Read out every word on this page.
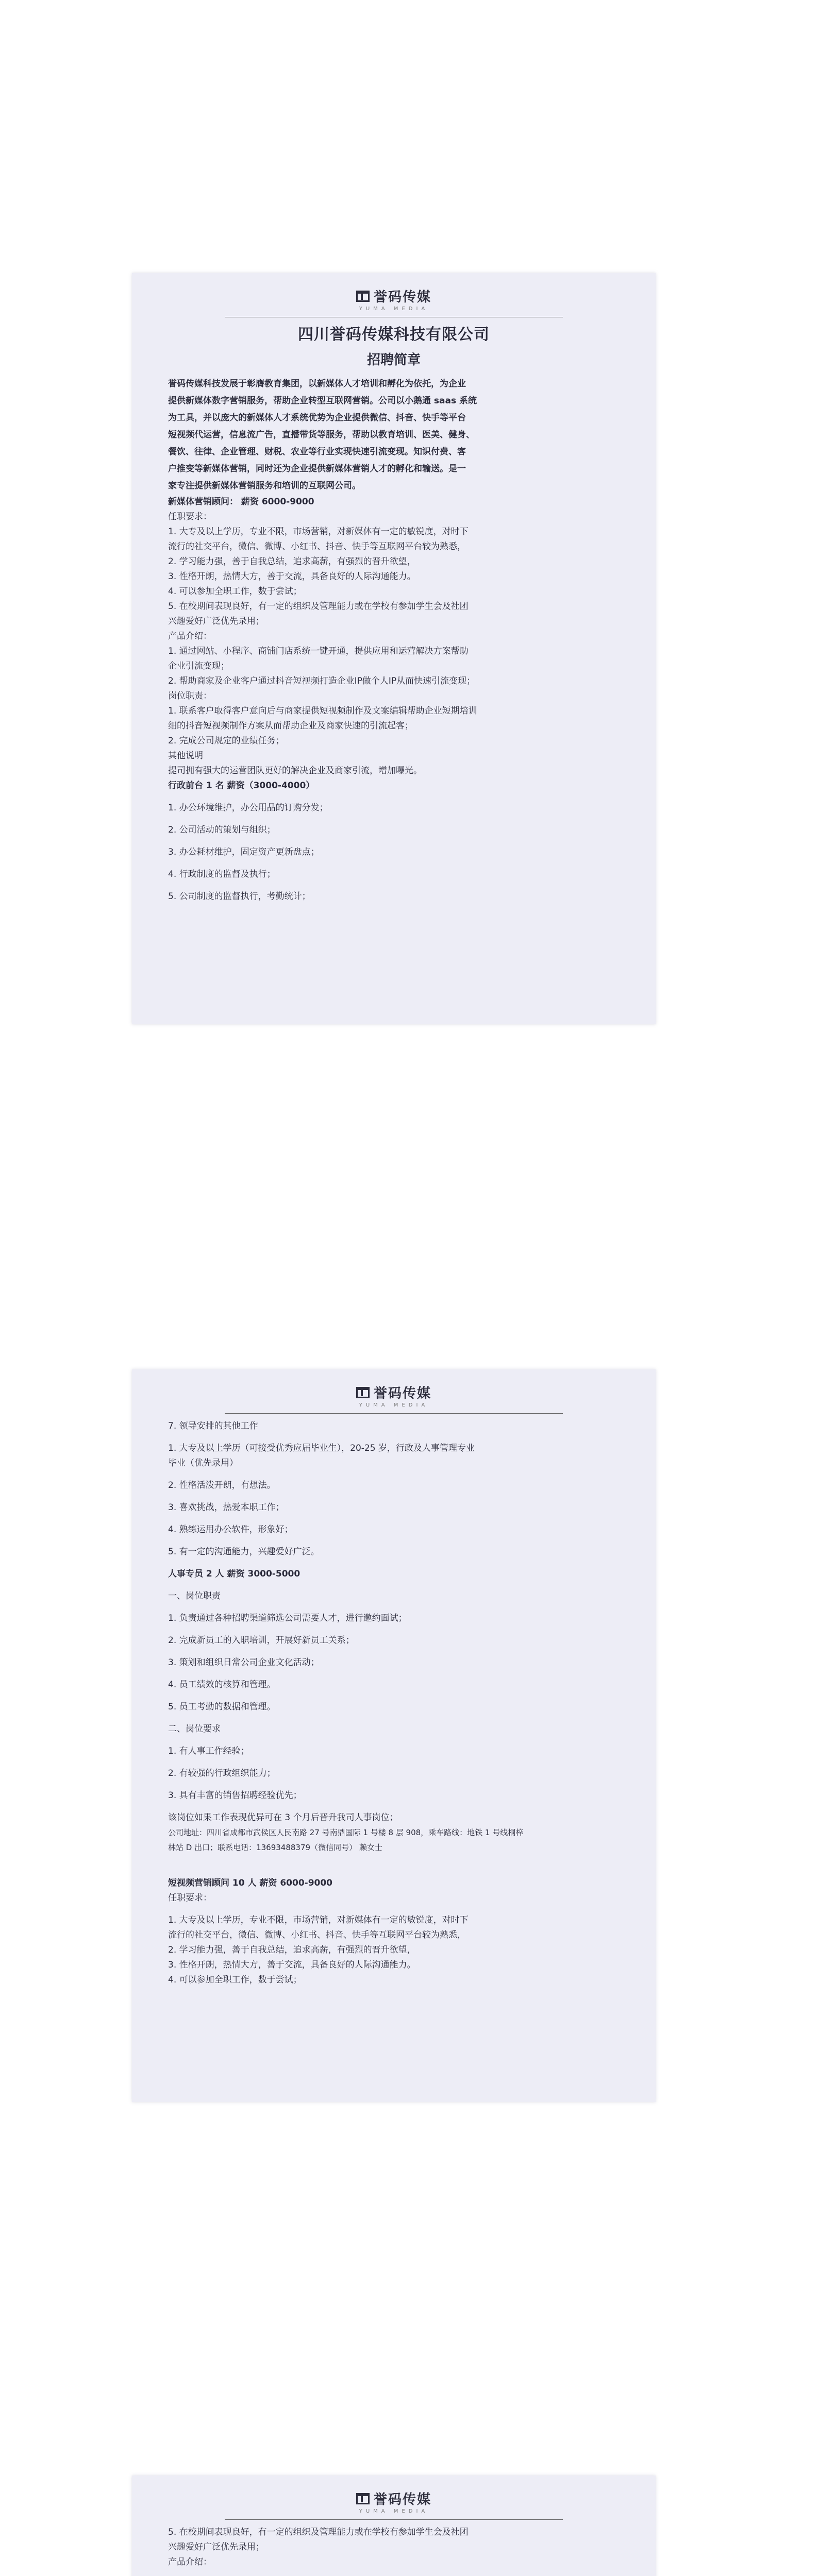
誉码传媒
YUMA MEDIA
四川誉码传媒科技有限公司
招聘简章

誉码传媒科技发展于彰膺教育集团，以新媒体人才培训和孵化为依托，为企业

提供新媒体数字营销服务，帮助企业转型互联网营销。公司以小鹅通 saas 系统

为工具，并以庞大的新媒体人才系统优势为企业提供微信、抖音、快手等平台

短视频代运营，信息流广告，直播带货等服务，帮助以教育培训、医美、健身、

餐饮、往律、企业管理、财税、农业等行业实现快速引流变现。知识付费、客

户推变等新媒体营销，同时还为企业提供新媒体营销人才的孵化和输送。是一

家专注提供新媒体营销服务和培训的互联网公司。

新媒体营销顾问： 薪资 6000-9000

任职要求：

1. 大专及以上学历，专业不限，市场营销，对新媒体有一定的敏锐度，对时下

流行的社交平台，微信、微博、小红书、抖音、快手等互联网平台较为熟悉，

2. 学习能力强，善于自我总结，追求高薪，有强烈的晋升欲望，

3. 性格开朗，热情大方，善于交流，具备良好的人际沟通能力。

4. 可以参加全职工作，数于尝试；

5. 在校期间表现良好，有一定的组织及管理能力或在学校有参加学生会及社团

兴趣爱好广泛优先录用；

产品介绍：

1. 通过网站、小程序、商铺门店系统一键开通，提供应用和运营解决方案帮助

企业引流变现；

2. 帮助商家及企业客户通过抖音短视频打造企业IP做个人IP从而快速引流变现；

岗位职责：

1. 联系客户取得客户意向后与商家提供短视频制作及文案编辑帮助企业短期培训

细的抖音短视频制作方案从而帮助企业及商家快速的引流起客；

2. 完成公司规定的业绩任务；

其他说明

提司拥有强大的运营团队更好的解决企业及商家引流，增加曝光。

行政前台 1 名 薪资（3000-4000）

1. 办公环境维护，办公用品的订购分发；

2. 公司活动的策划与组织；

3. 办公耗材维护，固定资产更新盘点；

4. 行政制度的监督及执行；

5. 公司制度的监督执行，考勤统计；

誉码传媒
YUMA MEDIA

7. 领导安排的其他工作

1. 大专及以上学历（可接受优秀应届毕业生），20-25 岁，行政及人事管理专业

毕业（优先录用）

2. 性格活泼开朗，有想法。

3. 喜欢挑战，热爱本职工作；

4. 熟练运用办公软件，形象好；

5. 有一定的沟通能力，兴趣爱好广泛。

人事专员 2 人 薪资 3000-5000

一、岗位职责

1. 负责通过各种招聘渠道筛选公司需要人才，进行邀约面试；

2. 完成新员工的入职培训，开展好新员工关系；

3. 策划和组织日常公司企业文化活动；

4. 员工绩效的核算和管理。

5. 员工考勤的数据和管理。

二、岗位要求

1. 有人事工作经验；

2. 有较强的行政组织能力；

3. 具有丰富的销售招聘经验优先；

该岗位如果工作表现优异可在 3 个月后晋升我司人事岗位；

公司地址：四川省成都市武侯区人民南路 27 号南鼎国际 1 号楼 8 层 908，乘车路线：地铁 1 号线桐梓

林站 D 出口；联系电话：13693488379（微信同号） 赖女士

短视频营销顾问 10 人 薪资 6000-9000

任职要求：

1. 大专及以上学历，专业不限，市场营销，对新媒体有一定的敏锐度，对时下

流行的社交平台，微信、微博、小红书、抖音、快手等互联网平台较为熟悉，

2. 学习能力强，善于自我总结，追求高薪，有强烈的晋升欲望，

3. 性格开朗，热情大方，善于交流，具备良好的人际沟通能力。

4. 可以参加全职工作，数于尝试；

誉码传媒
YUMA MEDIA

5. 在校期间表现良好，有一定的组织及管理能力或在学校有参加学生会及社团

兴趣爱好广泛优先录用；

产品介绍：
